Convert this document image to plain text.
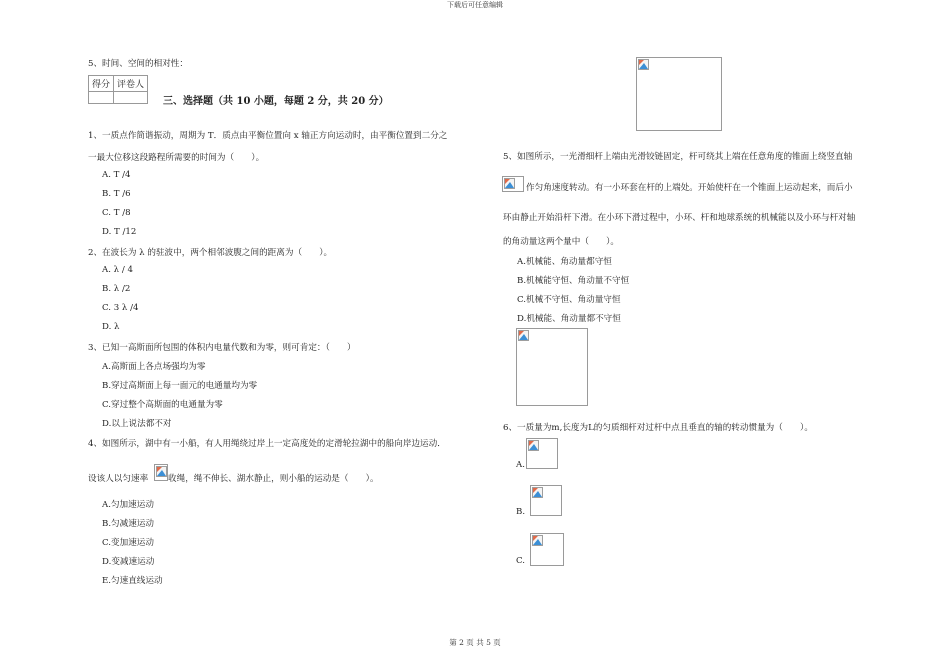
下载后可任意编辑
第 2 页 共 5 页
5、时间、空间的相对性：
得分	评卷人

三、选择题（共 10 小题，每题 2 分，共 20 分）
1、一质点作简谐振动，周期为 T．质点由平衡位置向 x 轴正方向运动时，由平衡位置到二分之
一最大位移这段路程所需要的时间为（　　）。
A. T /4
B. T /6
C. T /8
D. T /12
2、在波长为 λ 的驻波中，两个相邻波腹之间的距离为（　　）。
A. λ / 4
B. λ /2
C. 3 λ /4
D. λ
3、已知一高斯面所包围的体积内电量代数和为零，则可肯定：（　　）
A.高斯面上各点场强均为零
B.穿过高斯面上每一面元的电通量均为零
C.穿过整个高斯面的电通量为零
D.以上说法都不对
4、如图所示，湖中有一小船，有人用绳绕过岸上一定高度处的定滑轮拉湖中的船向岸边运动．
设该人以匀速率 收绳，绳不伸长、湖水静止，则小船的运动是（　　）。
A.匀加速运动
B.匀减速运动
C.变加速运动
D.变减速运动
E.匀速直线运动
5、如图所示，一光滑细杆上端由光滑铰链固定，杆可绕其上端在任意角度的锥面上绕竖直轴
作匀角速度转动。有一小环套在杆的上端处。开始使杆在一个锥面上运动起来，而后小
环由静止开始沿杆下滑。在小环下滑过程中，小环、杆和地球系统的机械能以及小环与杆对轴
的角动量这两个量中（　　）。
A.机械能、角动量都守恒
B.机械能守恒、角动量不守恒
C.机械不守恒、角动量守恒
D.机械能、角动量都不守恒
6、一质量为m,长度为L的匀质细杆对过杆中点且垂直的轴的转动惯量为（　　）。
A.
B.
C.
